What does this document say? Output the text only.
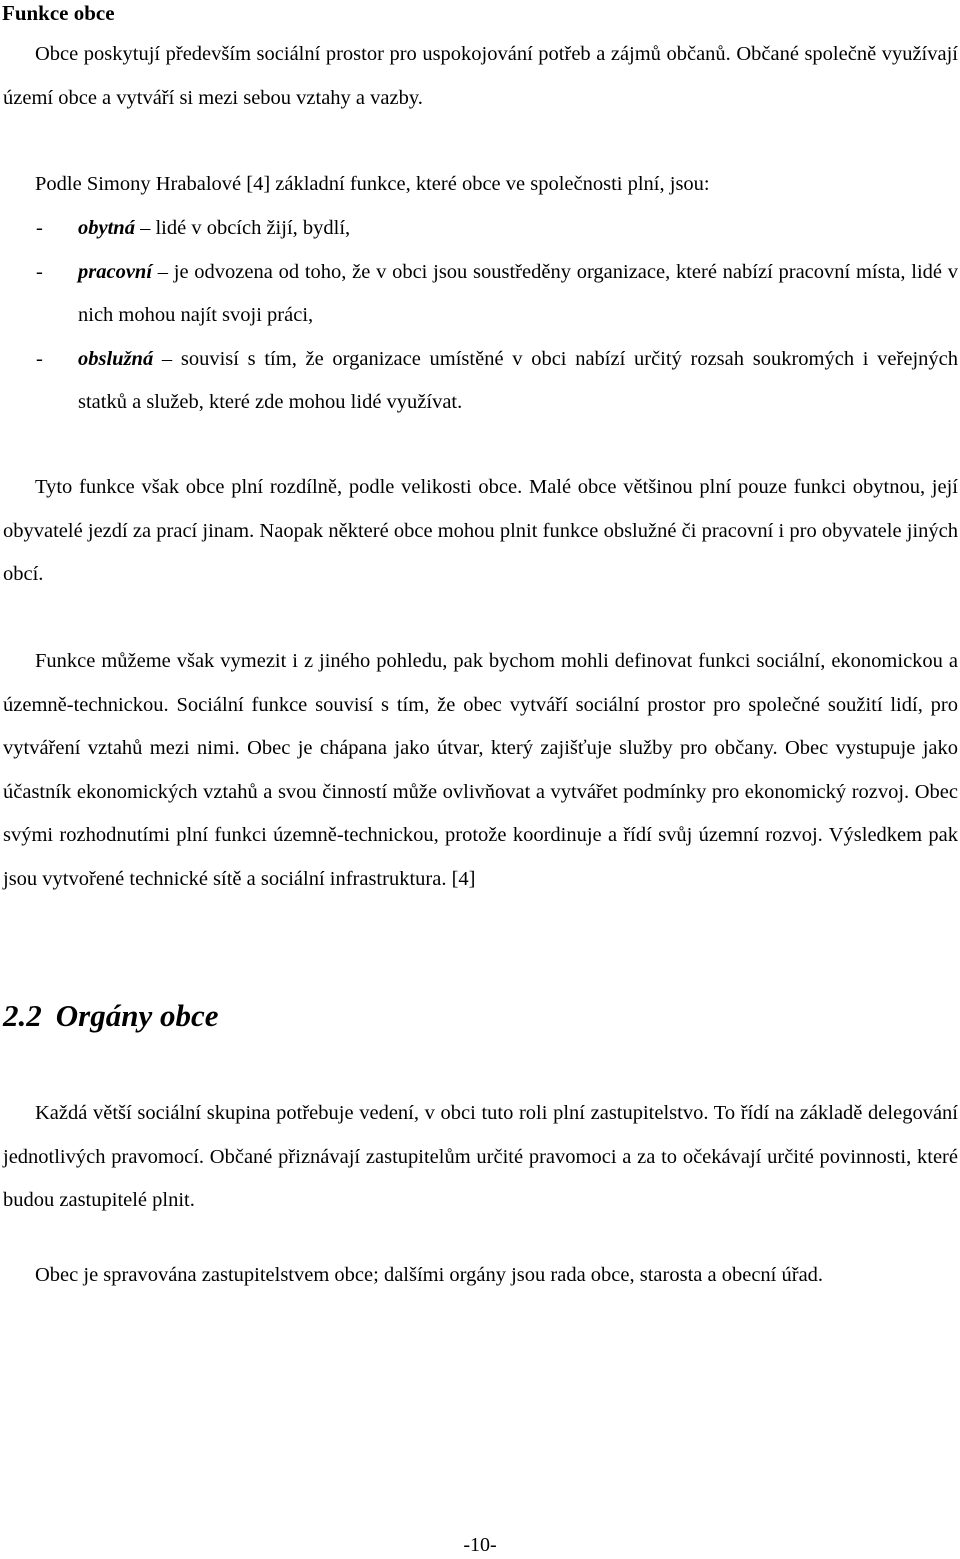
Funkce obce
Obce poskytují především sociální prostor pro uspokojování potřeb a zájmů občanů. Občané společně využívají území obce a vytváří si mezi sebou vztahy a vazby.
Podle Simony Hrabalové [4] základní funkce, které obce ve společnosti plní, jsou:
- obytná – lidé v obcích žijí, bydlí,
- pracovní – je odvozena od toho, že v obci jsou soustředěny organizace, které nabízí pracovní místa, lidé v nich mohou najít svoji práci,
- obslužná – souvisí s tím, že organizace umístěné v obci nabízí určitý rozsah soukromých i veřejných statků a služeb, které zde mohou lidé využívat.
Tyto funkce však obce plní rozdílně, podle velikosti obce. Malé obce většinou plní pouze funkci obytnou, její obyvatelé jezdí za prací jinam. Naopak některé obce mohou plnit funkce obslužné či pracovní i pro obyvatele jiných obcí.
Funkce můžeme však vymezit i z jiného pohledu, pak bychom mohli definovat funkci sociální, ekonomickou a územně-technickou. Sociální funkce souvisí s tím, že obec vytváří sociální prostor pro společné soužití lidí, pro vytváření vztahů mezi nimi. Obec je chápana jako útvar, který zajišťuje služby pro občany. Obec vystupuje jako účastník ekonomických vztahů a svou činností může ovlivňovat a vytvářet podmínky pro ekonomický rozvoj. Obec svými rozhodnutími plní funkci územně-technickou, protože koordinuje a řídí svůj územní rozvoj. Výsledkem pak jsou vytvořené technické sítě a sociální infrastruktura. [4]
2.2 Orgány obce
Každá větší sociální skupina potřebuje vedení, v obci tuto roli plní zastupitelstvo. To řídí na základě delegování jednotlivých pravomocí. Občané přiznávají zastupitelům určité pravomoci a za to očekávají určité povinnosti, které budou zastupitelé plnit.
Obec je spravována zastupitelstvem obce; dalšími orgány jsou rada obce, starosta a obecní úřad.
-10-
